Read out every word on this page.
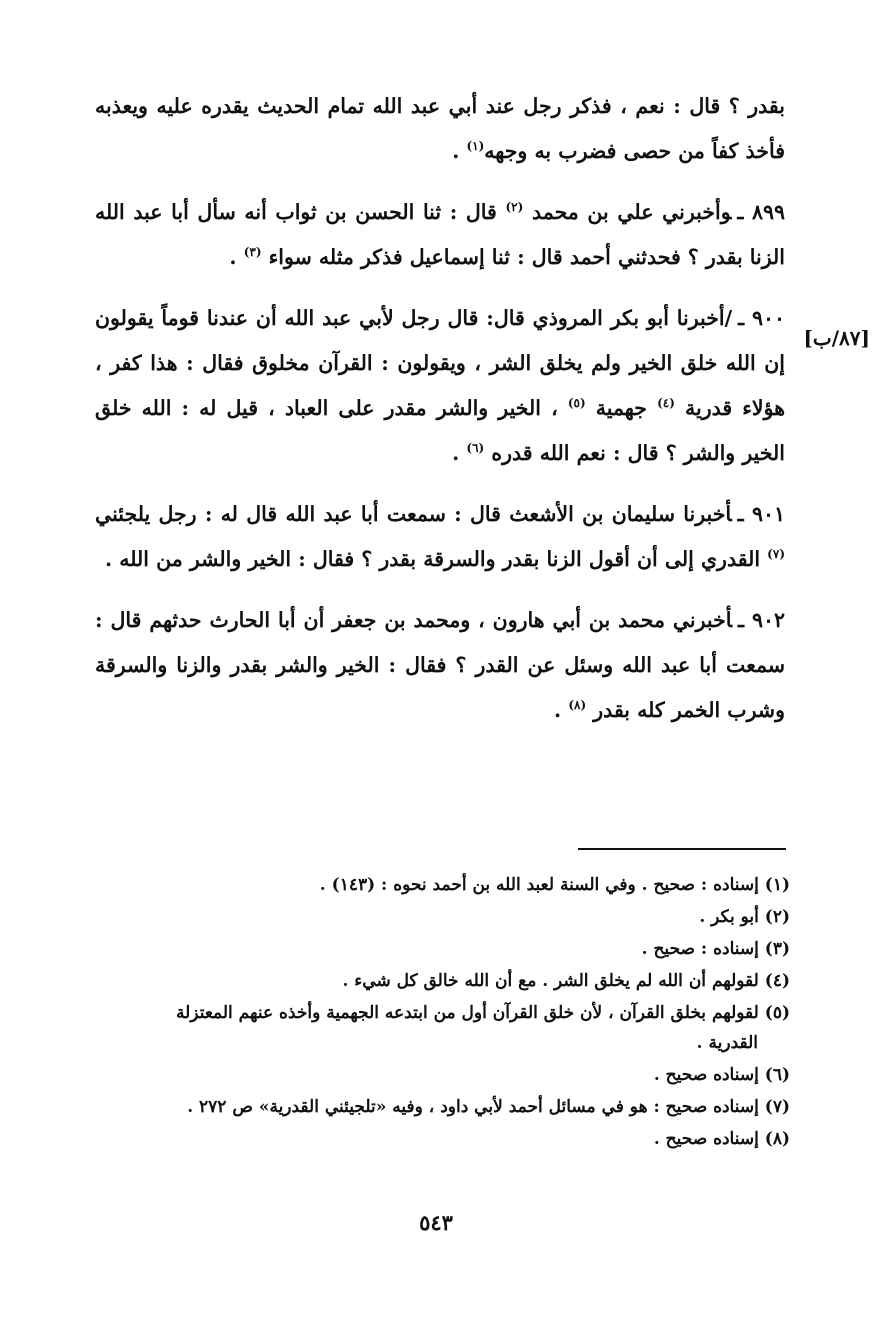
بقدر ؟ قال : نعم ، فذكر رجل عند أبي عبد الله تمام الحديث يقدره عليه ويعذبه فأخذ كفاً من حصى فضرب به وجهه$^{(١)}$ .

٨٩٩ ـوأخبرني علي بن محمد $^{(٢)}$ قال : ثنا الحسن بن ثواب أنه سأل أبا عبد الله الزنا بقدر ؟ فحدثني أحمد قال : ثنا إسماعيل فذكر مثله سواء $^{(٣)}$ .

٩٠٠ ـ/أخبرنا أبو بكر المروذي قال: قال رجل لأبي عبد الله أن عندنا قوماً يقولون إن الله خلق الخير ولم يخلق الشر ، ويقولون : القرآن مخلوق فقال : هذا كفر ، هؤلاء قدرية $^{(٤)}$ جهمية $^{(٥)}$ ، الخير والشر مقدر على العباد ، قيل له : الله خلق الخير والشر ؟ قال : نعم الله قدره $^{(٦)}$ .

٩٠١ ـأخبرنا سليمان بن الأشعث قال : سمعت أبا عبد الله قال له : رجل يلجئني $^{(٧)}$ القدري إلى أن أقول الزنا بقدر والسرقة بقدر ؟ فقال : الخير والشر من الله .

٩٠٢ ـأخبرني محمد بن أبي هارون ، ومحمد بن جعفر أن أبا الحارث حدثهم قال : سمعت أبا عبد الله وسئل عن القدر ؟ فقال : الخير والشر بقدر والزنا والسرقة وشرب الخمر كله بقدر $^{(٨)}$ .

[٨٧/ب]
(١) إسناده : صحيح . وفي السنة لعبد الله بن أحمد نحوه : (١٤٣) .
(٢) أبو بكر .
(٣) إسناده : صحيح .
(٤) لقولهم أن الله لم يخلق الشر . مع أن الله خالق كل شيء .
(٥) لقولهم بخلق القرآن ، لأن خلق القرآن أول من ابتدعه الجهمية وأخذه عنهم المعتزلة
القدرية .
(٦) إسناده صحيح .
(٧) إسناده صحيح : هو في مسائل أحمد لأبي داود ، وفيه «تلجيئني القدرية» ص ٢٧٢ .
(٨) إسناده صحيح .
٥٤٣
